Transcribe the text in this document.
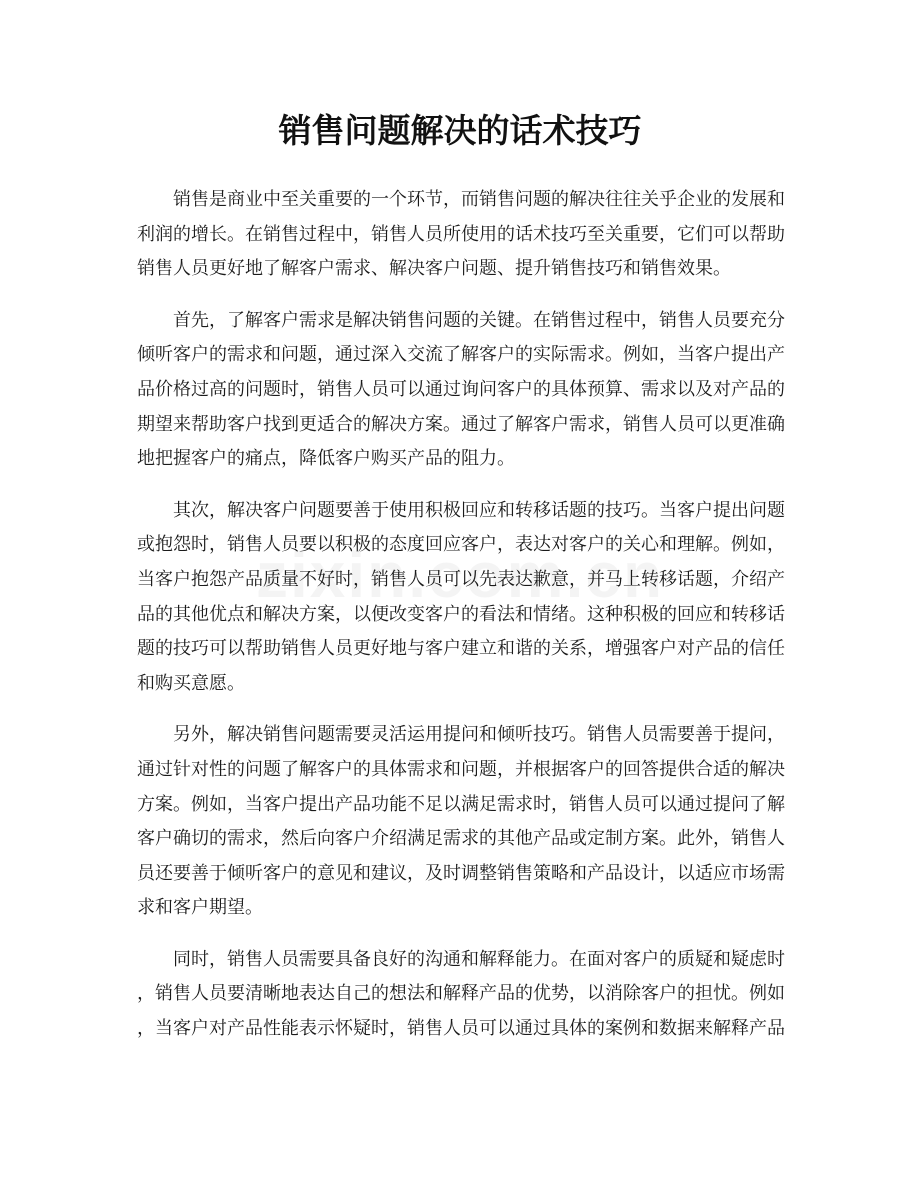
销售问题解决的话术技巧

销售是商业中至关重要的一个环节，而销售问题的解决往往关乎企业的发展和利润的增长。在销售过程中，销售人员所使用的话术技巧至关重要，它们可以帮助销售人员更好地了解客户需求、解决客户问题、提升销售技巧和销售效果。

首先，了解客户需求是解决销售问题的关键。在销售过程中，销售人员要充分倾听客户的需求和问题，通过深入交流了解客户的实际需求。例如，当客户提出产品价格过高的问题时，销售人员可以通过询问客户的具体预算、需求以及对产品的期望来帮助客户找到更适合的解决方案。通过了解客户需求，销售人员可以更准确地把握客户的痛点，降低客户购买产品的阻力。

其次，解决客户问题要善于使用积极回应和转移话题的技巧。当客户提出问题或抱怨时，销售人员要以积极的态度回应客户，表达对客户的关心和理解。例如，当客户抱怨产品质量不好时，销售人员可以先表达歉意，并马上转移话题，介绍产品的其他优点和解决方案，以便改变客户的看法和情绪。这种积极的回应和转移话题的技巧可以帮助销售人员更好地与客户建立和谐的关系，增强客户对产品的信任和购买意愿。

另外，解决销售问题需要灵活运用提问和倾听技巧。销售人员需要善于提问，通过针对性的问题了解客户的具体需求和问题，并根据客户的回答提供合适的解决方案。例如，当客户提出产品功能不足以满足需求时，销售人员可以通过提问了解客户确切的需求，然后向客户介绍满足需求的其他产品或定制方案。此外，销售人员还要善于倾听客户的意见和建议，及时调整销售策略和产品设计，以适应市场需求和客户期望。

同时，销售人员需要具备良好的沟通和解释能力。在面对客户的质疑和疑虑时，销售人员要清晰地表达自己的想法和解释产品的优势，以消除客户的担忧。例如，当客户对产品性能表示怀疑时，销售人员可以通过具体的案例和数据来解释产品
